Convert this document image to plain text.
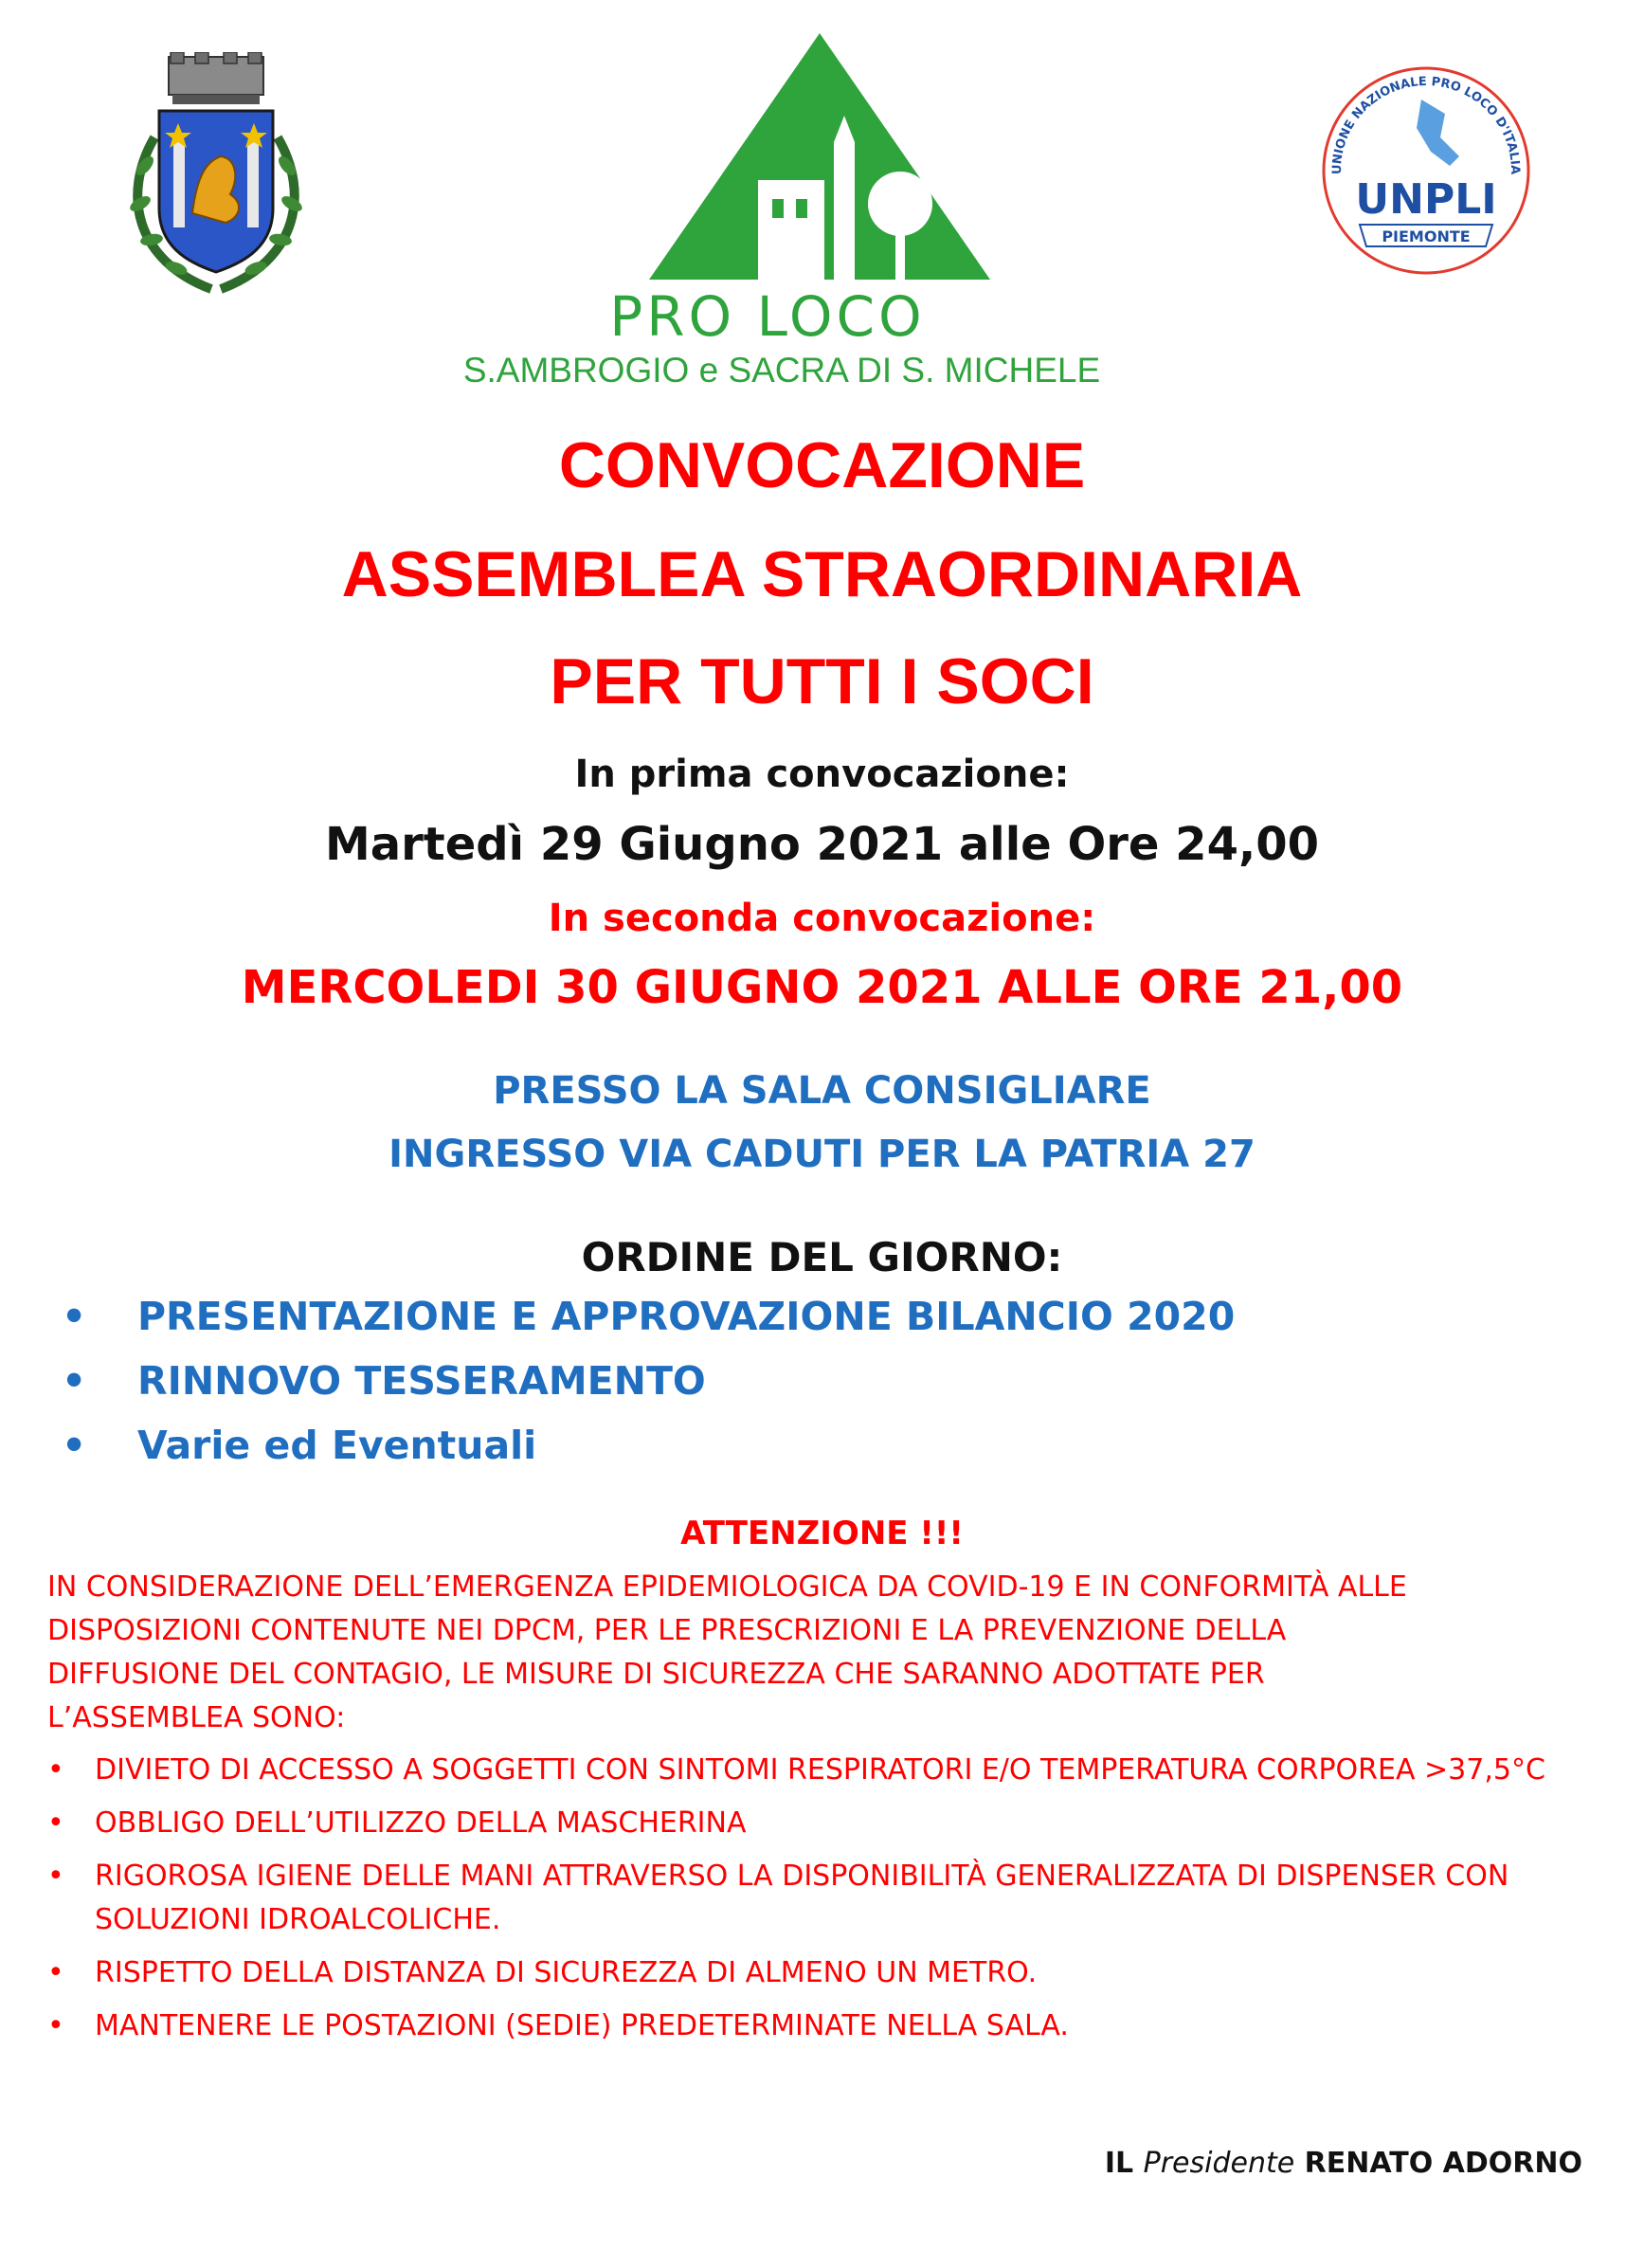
PRO LOCO
S.AMBROGIO e SACRA DI S. MICHELE
UNIONE NAZIONALE PRO LOCO D'ITALIA
UNPLI
PIEMONTE
CONVOCAZIONE
ASSEMBLEA STRAORDINARIA
PER TUTTI I SOCI
In prima convocazione:
Martedì 29 Giugno 2021 alle Ore 24,00
In seconda convocazione:
MERCOLEDI 30 GIUGNO 2021 ALLE ORE 21,00
PRESSO LA SALA CONSIGLIARE
INGRESSO VIA CADUTI PER LA PATRIA 27
ORDINE DEL GIORNO:
• PRESENTAZIONE E APPROVAZIONE BILANCIO 2020
• RINNOVO TESSERAMENTO
• Varie ed Eventuali
ATTENZIONE !!!

IN CONSIDERAZIONE DELL’EMERGENZA EPIDEMIOLOGICA DA COVID-19 E IN CONFORMITÀ ALLE

DISPOSIZIONI CONTENUTE NEI DPCM, PER LE PRESCRIZIONI E LA PREVENZIONE DELLA

DIFFUSIONE DEL CONTAGIO, LE MISURE DI SICUREZZA CHE SARANNO ADOTTATE PER

L’ASSEMBLEA SONO:

• DIVIETO DI ACCESSO A SOGGETTI CON SINTOMI RESPIRATORI E/O TEMPERATURA CORPOREA >37,5°C
• OBBLIGO DELL’UTILIZZO DELLA MASCHERINA
• RIGOROSA IGIENE DELLE MANI ATTRAVERSO LA DISPONIBILITÀ GENERALIZZATA DI DISPENSER CON SOLUZIONI IDROALCOLICHE.
• RISPETTO DELLA DISTANZA DI SICUREZZA DI ALMENO UN METRO.
• MANTENERE LE POSTAZIONI (SEDIE) PREDETERMINATE NELLA SALA.
IL Presidente RENATO ADORNO
